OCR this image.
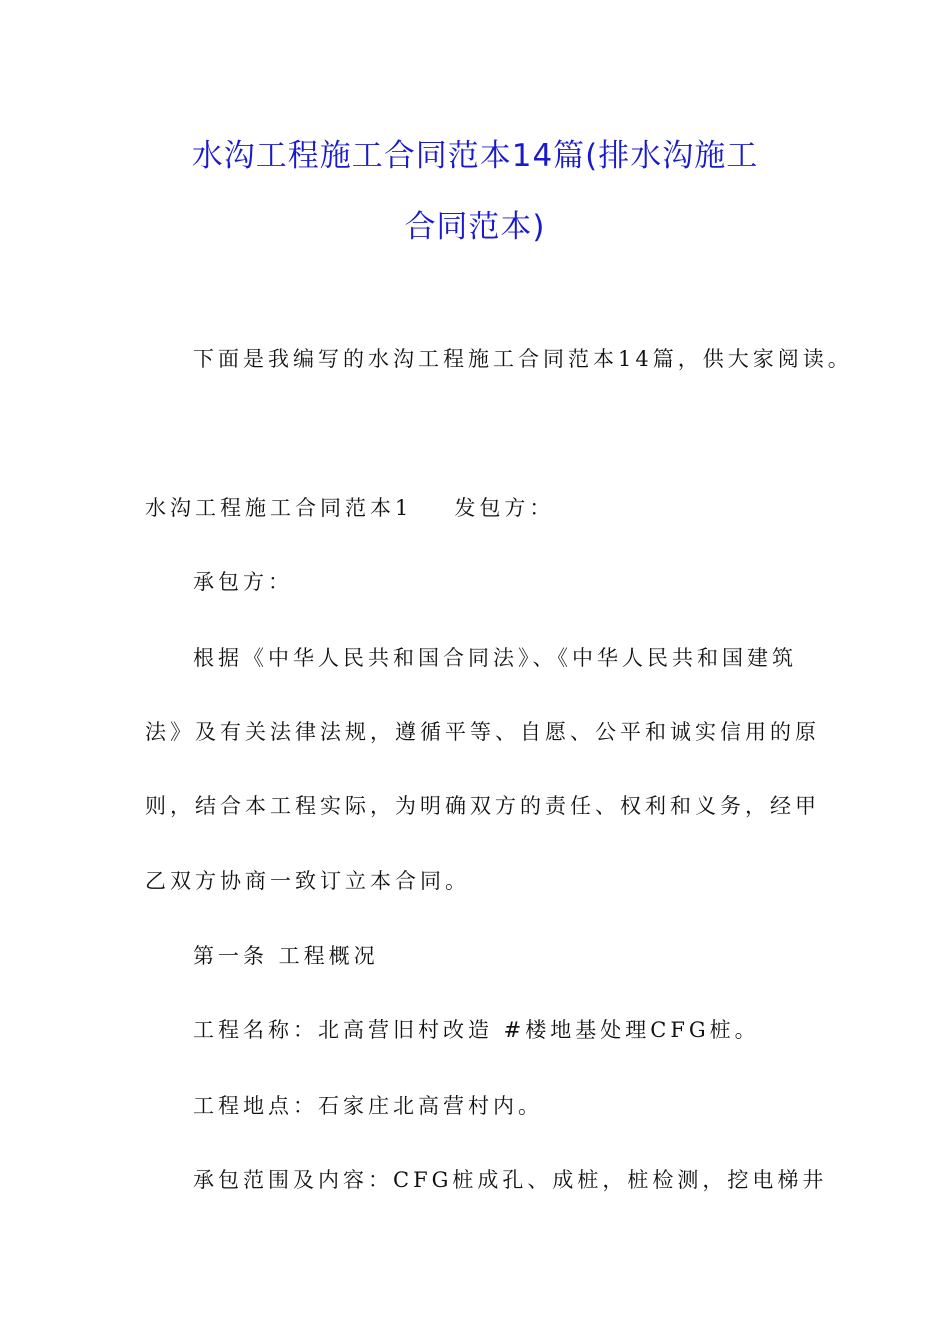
水沟工程施工合同范本14篇(排水沟施工
合同范本)
下面是我编写的水沟工程施工合同范本14篇，供大家阅读。
水沟工程施工合同范本1 发包方：
承包方：
根据《中华人民共和国合同法》、《中华人民共和国建筑
法》及有关法律法规，遵循平等、自愿、公平和诚实信用的原
则，结合本工程实际，为明确双方的责任、权利和义务，经甲
乙双方协商一致订立本合同。
第一条 工程概况
工程名称：北高营旧村改造 #楼地基处理CFG桩。
工程地点：石家庄北高营村内。
承包范围及内容：CFG桩成孔、成桩，桩检测，挖电梯井
